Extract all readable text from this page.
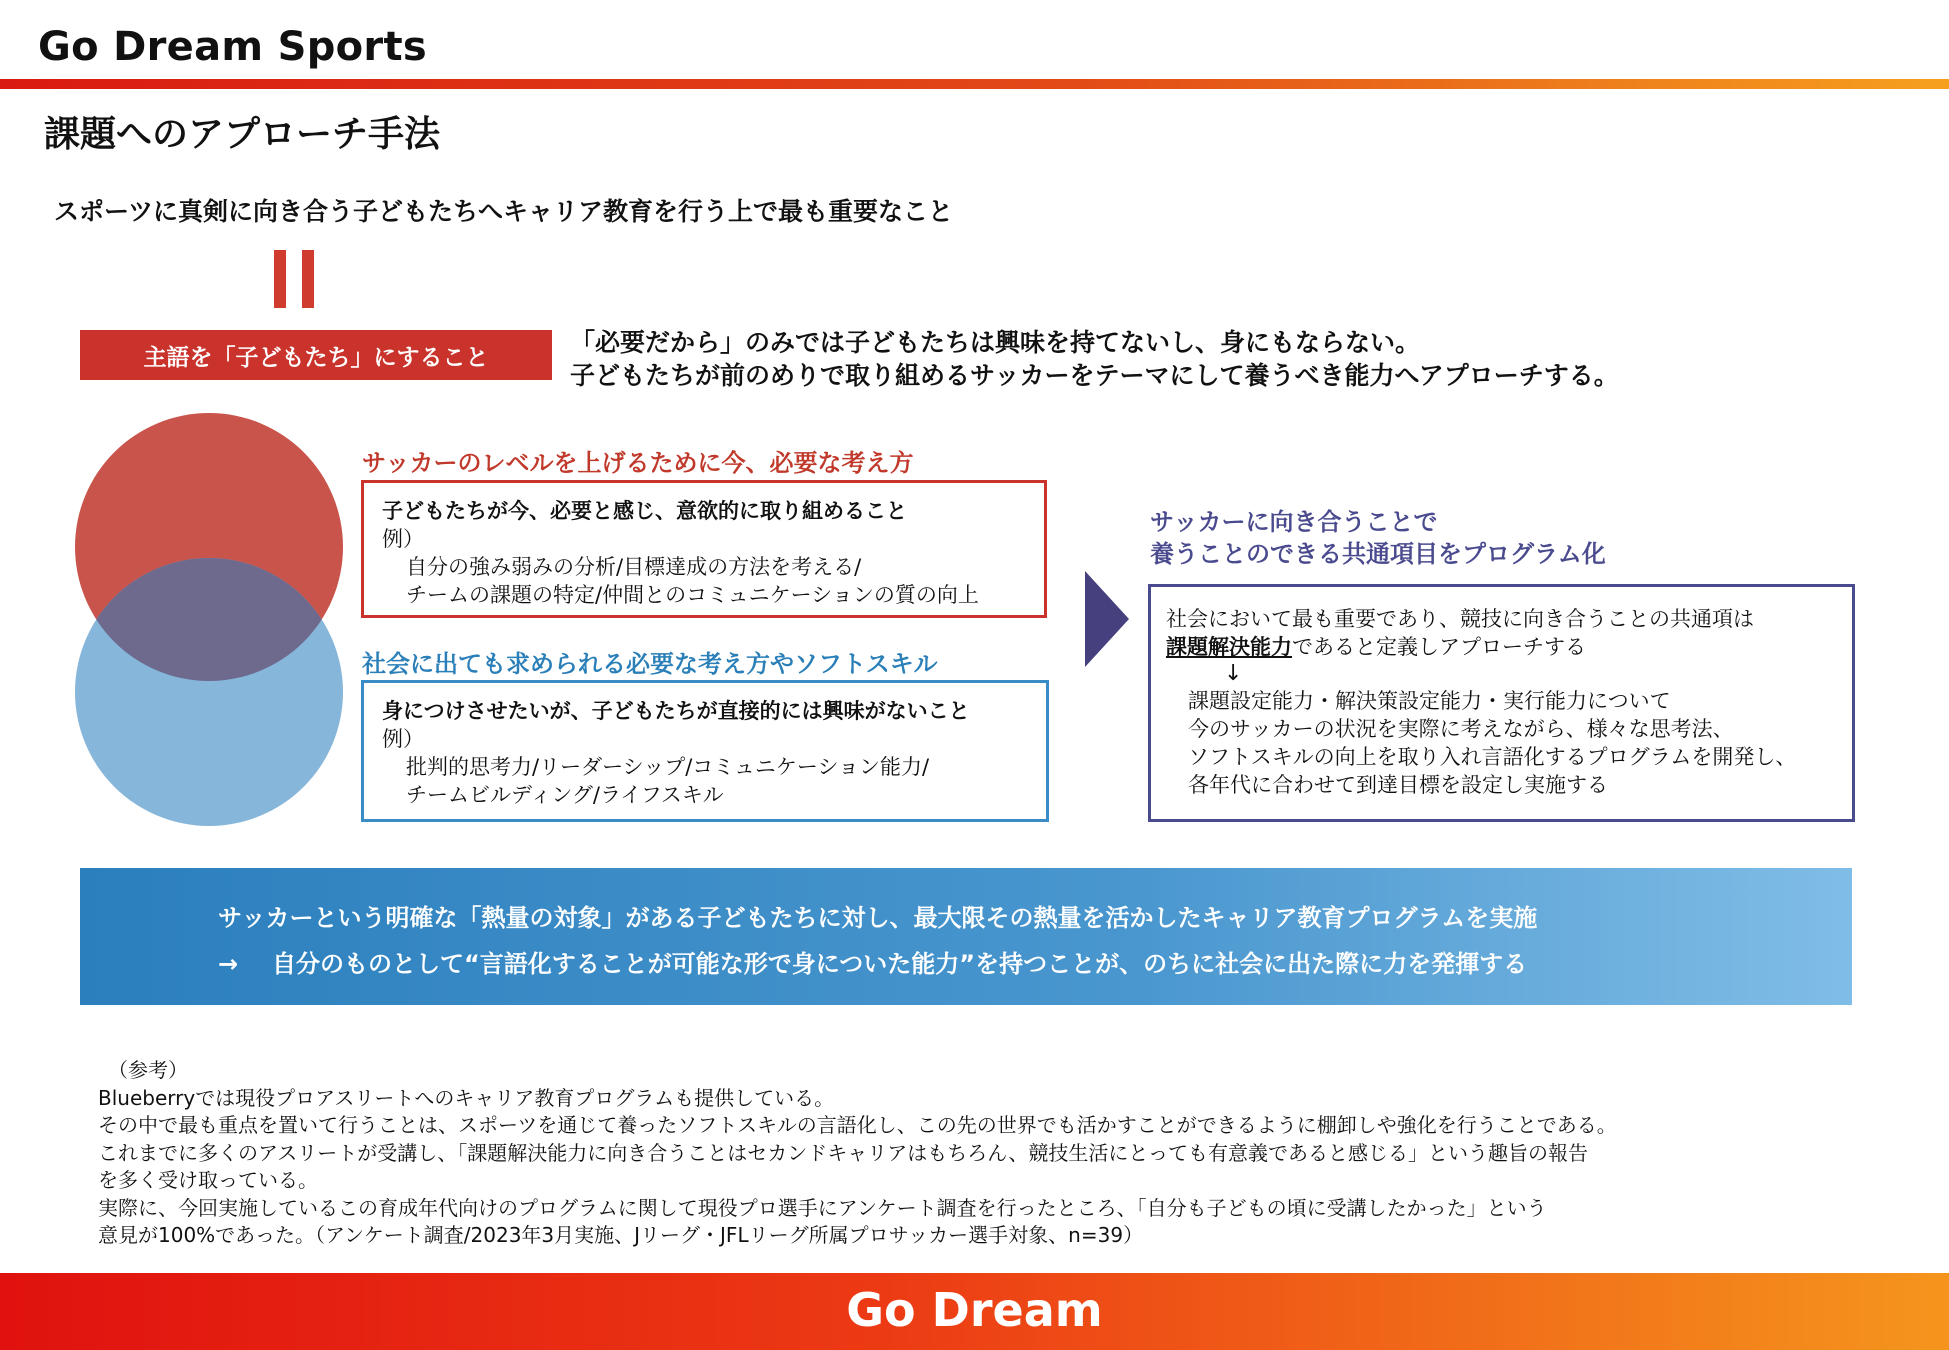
Go Dream Sports
課題へのアプローチ手法
スポーツに真剣に向き合う子どもたちへキャリア教育を行う上で最も重要なこと
主語を「子どもたち」にすること
「必要だから」のみでは子どもたちは興味を持てないし、身にもならない。
子どもたちが前のめりで取り組めるサッカーをテーマにして養うべき能力へアプローチする。
サッカーのレベルを上げるために今、必要な考え方
子どもたちが今、必要と感じ、意欲的に取り組めること
例）
自分の強み弱みの分析/目標達成の方法を考える/
チームの課題の特定/仲間とのコミュニケーションの質の向上
社会に出ても求められる必要な考え方やソフトスキル
身につけさせたいが、子どもたちが直接的には興味がないこと
例）
批判的思考力/リーダーシップ/コミュニケーション能力/
チームビルディング/ライフスキル
サッカーに向き合うことで
養うことのできる共通項目をプログラム化
社会において最も重要であり、競技に向き合うことの共通項は
課題解決能力であると定義しアプローチする
↓
課題設定能力・解決策設定能力・実行能力について
今のサッカーの状況を実際に考えながら、様々な思考法、
ソフトスキルの向上を取り入れ言語化するプログラムを開発し、
各年代に合わせて到達目標を設定し実施する
サッカーという明確な「熱量の対象」がある子どもたちに対し、最大限その熱量を活かしたキャリア教育プログラムを実施
→ 自分のものとして“言語化することが可能な形で身についた能力”を持つことが、のちに社会に出た際に力を発揮する
（参考）
Blueberryでは現役プロアスリートへのキャリア教育プログラムも提供している。
その中で最も重点を置いて行うことは、スポーツを通じて養ったソフトスキルの言語化し、この先の世界でも活かすことができるように棚卸しや強化を行うことである。
これまでに多くのアスリートが受講し、「課題解決能力に向き合うことはセカンドキャリアはもちろん、競技生活にとっても有意義であると感じる」という趣旨の報告
を多く受け取っている。
実際に、今回実施しているこの育成年代向けのプログラムに関して現役プロ選手にアンケート調査を行ったところ、「自分も子どもの頃に受講したかった」という
意見が100%であった。（アンケート調査/2023年3月実施、Jリーグ・JFLリーグ所属プロサッカー選手対象、n=39）
Go Dream
